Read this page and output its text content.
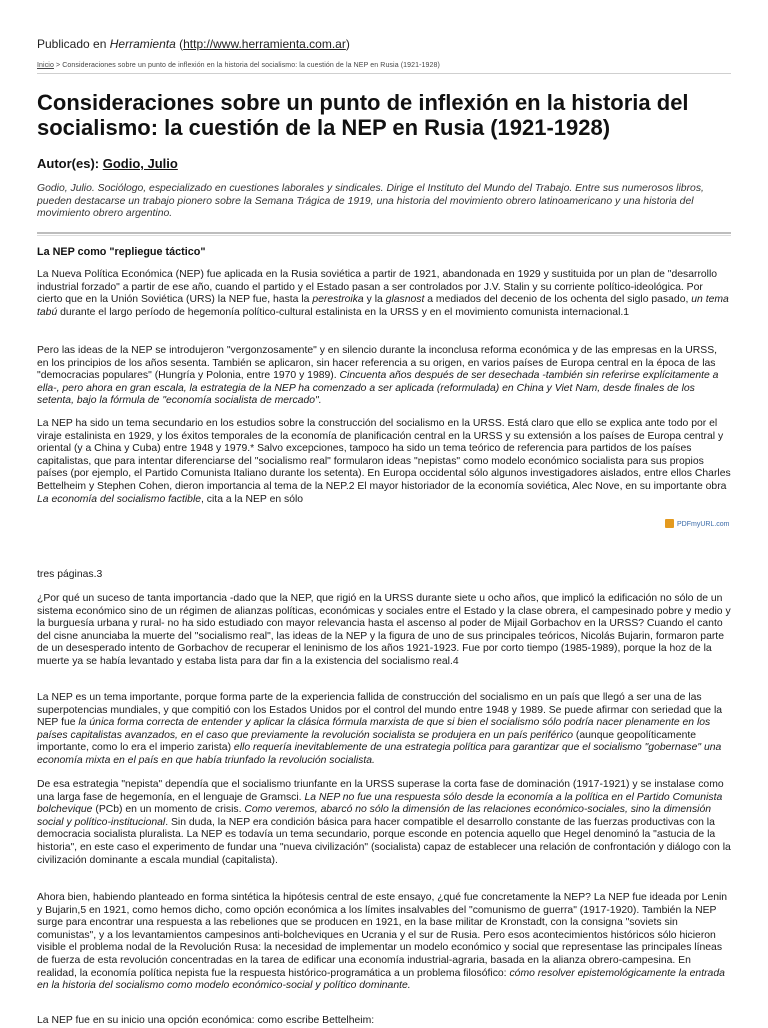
Publicado en Herramienta (http://www.herramienta.com.ar)
Inicio > Consideraciones sobre un punto de inflexión en la historia del socialismo: la cuestión de la NEP en Rusia (1921-1928)
Consideraciones sobre un punto de inflexión en la historia del socialismo: la cuestión de la NEP en Rusia (1921-1928)
Autor(es): Godio, Julio

Godio, Julio. Sociólogo, especializado en cuestiones laborales y sindicales. Dirige el Instituto del Mundo del Trabajo. Entre sus numerosos libros, pueden destacarse un trabajo pionero sobre la Semana Trágica de 1919, una historia del movimiento obrero latinoamericano y una historia del movimiento obrero argentino.

La NEP como "repliegue táctico"

La Nueva Política Económica (NEP) fue aplicada en la Rusia soviética a partir de 1921, abandonada en 1929 y sustituida por un plan de "desarrollo industrial forzado" a partir de ese año, cuando el partido y el Estado pasan a ser controlados por J.V. Stalin y su corriente político-ideológica. Por cierto que en la Unión Soviética (URS) la NEP fue, hasta la perestroika y la glasnost a mediados del decenio de los ochenta del siglo pasado, un tema tabú durante el largo período de hegemonía político-cultural estalinista en la URSS y en el movimiento comunista internacional.1

Pero las ideas de la NEP se introdujeron "vergonzosamente" y en silencio durante la inconclusa reforma económica y de las empresas en la URSS, en los principios de los años sesenta. También se aplicaron, sin hacer referencia a su origen, en varios países de Europa central en la época de las "democracias populares" (Hungría y Polonia, entre 1970 y 1989). Cincuenta años después de ser desechada -también sin referirse explícitamente a ella-, pero ahora en gran escala, la estrategia de la NEP ha comenzado a ser aplicada (reformulada) en China y Viet Nam, desde finales de los setenta, bajo la fórmula de "economía socialista de mercado".

La NEP ha sido un tema secundario en los estudios sobre la construcción del socialismo en la URSS. Está claro que ello se explica ante todo por el viraje estalinista en 1929, y los éxitos temporales de la economía de planificación central en la URSS y su extensión a los países de Europa central y oriental (y a China y Cuba) entre 1948 y 1979.* Salvo excepciones, tampoco ha sido un tema teórico de referencia para partidos de los países capitalistas, que para intentar diferenciarse del "socialismo real" formularon ideas "nepistas" como modelo económico socialista para sus propios países (por ejemplo, el Partido Comunista Italiano durante los setenta). En Europa occidental sólo algunos investigadores aislados, entre ellos Charles Bettelheim y Stephen Cohen, dieron importancia al tema de la NEP.2 El mayor historiador de la economía soviética, Alec Nove, en su importante obra La economía del socialismo factible, cita a la NEP en sólo

PDFmyURL.com

tres páginas.3

¿Por qué un suceso de tanta importancia -dado que la NEP, que rigió en la URSS durante siete u ocho años, que implicó la edificación no sólo de un sistema económico sino de un régimen de alianzas políticas, económicas y sociales entre el Estado y la clase obrera, el campesinado pobre y medio y la burguesía urbana y rural- no ha sido estudiado con mayor relevancia hasta el ascenso al poder de Mijail Gorbachov en la URSS? Cuando el canto del cisne anunciaba la muerte del "socialismo real", las ideas de la NEP y la figura de uno de sus principales teóricos, Nicolás Bujarin, formaron parte de un desesperado intento de Gorbachov de recuperar el leninismo de los años 1921-1923. Fue por corto tiempo (1985-1989), porque la hoz de la muerte ya se había levantado y estaba lista para dar fin a la existencia del socialismo real.4

La NEP es un tema importante, porque forma parte de la experiencia fallida de construcción del socialismo en un país que llegó a ser una de las superpotencias mundiales, y que compitió con los Estados Unidos por el control del mundo entre 1948 y 1989. Se puede afirmar con seriedad que la NEP fue la única forma correcta de entender y aplicar la clásica fórmula marxista de que si bien el socialismo sólo podría nacer plenamente en los países capitalistas avanzados, en el caso que previamente la revolución socialista se produjera en un país periférico (aunque geopolíticamente importante, como lo era el imperio zarista) ello requería inevitablemente de una estrategia política para garantizar que el socialismo "gobernase" una economía mixta en el país en que había triunfado la revolución socialista.

De esa estrategia "nepista" dependía que el socialismo triunfante en la URSS superase la corta fase de dominación (1917-1921) y se instalase como una larga fase de hegemonía, en el lenguaje de Gramsci. La NEP no fue una respuesta sólo desde la economía a la política en el Partido Comunista bolchevique (PCb) en un momento de crisis. Como veremos, abarcó no sólo la dimensión de las relaciones económico-sociales, sino la dimensión social y político-institucional. Sin duda, la NEP era condición básica para hacer compatible el desarrollo constante de las fuerzas productivas con la democracia socialista pluralista. La NEP es todavía un tema secundario, porque esconde en potencia aquello que Hegel denominó la "astucia de la historia", en este caso el experimento de fundar una "nueva civilización" (socialista) capaz de establecer una relación de confrontación y diálogo con la civilización dominante a escala mundial (capitalista).

Ahora bien, habiendo planteado en forma sintética la hipótesis central de este ensayo, ¿qué fue concretamente la NEP? La NEP fue ideada por Lenin y Bujarin,5 en 1921, como hemos dicho, como opción económica a los límites insalvables del "comunismo de guerra" (1917-1920). También la NEP surge para encontrar una respuesta a las rebeliones que se producen en 1921, en la base militar de Kronstadt, con la consigna "soviets sin comunistas", y a los levantamientos campesinos anti-bolcheviques en Ucrania y el sur de Rusia. Pero esos acontecimientos históricos sólo hicieron visible el problema nodal de la Revolución Rusa: la necesidad de implementar un modelo económico y social que representase las principales líneas de fuerza de esta revolución concentradas en la tarea de edificar una economía industrial-agraria, basada en la alianza obrero-campesina. En realidad, la economía política nepista fue la respuesta histórico-programática a un problema filosófico: cómo resolver epistemológicamente la entrada en la historia del socialismo como modelo económico-social y político dominante.

La NEP fue en su inicio una opción económica: como escribe Bettelheim:
